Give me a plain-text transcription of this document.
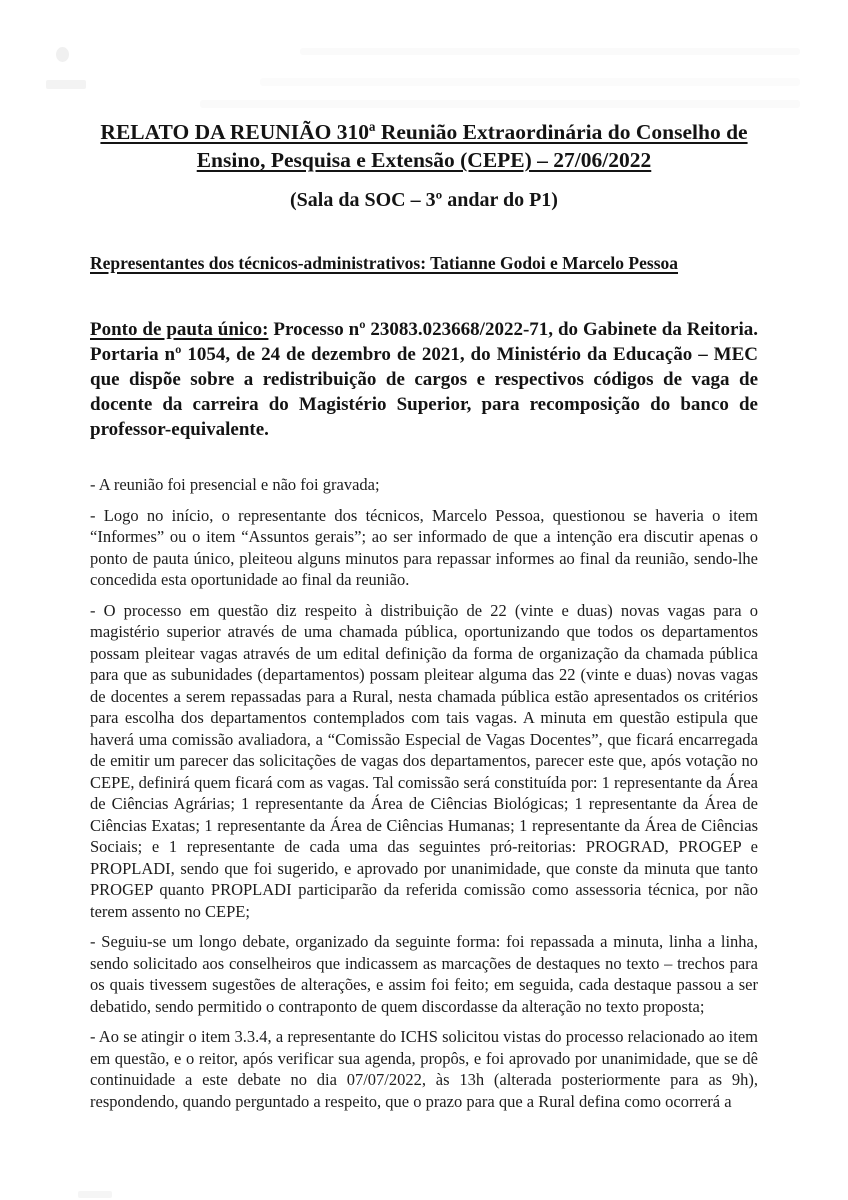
RELATO DA REUNIÃO 310ª Reunião Extraordinária do Conselho de
Ensino, Pesquisa e Extensão (CEPE) – 27/06/2022

(Sala da SOC – 3º andar do P1)

Representantes dos técnicos-administrativos: Tatianne Godoi e Marcelo Pessoa

Ponto de pauta único: Processo nº 23083.023668/2022-71, do Gabinete da Reitoria. Portaria nº 1054, de 24 de dezembro de 2021, do Ministério da Educação – MEC que dispõe sobre a redistribuição de cargos e respectivos códigos de vaga de docente da carreira do Magistério Superior, para recomposição do banco de professor-equivalente.

- A reunião foi presencial e não foi gravada;

- Logo no início, o representante dos técnicos, Marcelo Pessoa, questionou se haveria o item “Informes” ou o item “Assuntos gerais”; ao ser informado de que a intenção era discutir apenas o ponto de pauta único, pleiteou alguns minutos para repassar informes ao final da reunião, sendo-lhe concedida esta oportunidade ao final da reunião.

- O processo em questão diz respeito à distribuição de 22 (vinte e duas) novas vagas para o magistério superior através de uma chamada pública, oportunizando que todos os departamentos possam pleitear vagas através de um edital definição da forma de organização da chamada pública para que as subunidades (departamentos) possam pleitear alguma das 22 (vinte e duas) novas vagas de docentes a serem repassadas para a Rural, nesta chamada pública estão apresentados os critérios para escolha dos departamentos contemplados com tais vagas. A minuta em questão estipula que haverá uma comissão avaliadora, a “Comissão Especial de Vagas Docentes”, que ficará encarregada de emitir um parecer das solicitações de vagas dos departamentos, parecer este que, após votação no CEPE, definirá quem ficará com as vagas. Tal comissão será constituída por: 1 representante da Área de Ciências Agrárias; 1 representante da Área de Ciências Biológicas; 1 representante da Área de Ciências Exatas; 1 representante da Área de Ciências Humanas; 1 representante da Área de Ciências Sociais; e 1 representante de cada uma das seguintes pró-reitorias: PROGRAD, PROGEP e PROPLADI, sendo que foi sugerido, e aprovado por unanimidade, que conste da minuta que tanto PROGEP quanto PROPLADI participarão da referida comissão como assessoria técnica, por não terem assento no CEPE;

- Seguiu-se um longo debate, organizado da seguinte forma: foi repassada a minuta, linha a linha, sendo solicitado aos conselheiros que indicassem as marcações de destaques no texto – trechos para os quais tivessem sugestões de alterações, e assim foi feito; em seguida, cada destaque passou a ser debatido, sendo permitido o contraponto de quem discordasse da alteração no texto proposta;

- Ao se atingir o item 3.3.4, a representante do ICHS solicitou vistas do processo relacionado ao item em questão, e o reitor, após verificar sua agenda, propôs, e foi aprovado por unanimidade, que se dê continuidade a este debate no dia 07/07/2022, às 13h (alterada posteriormente para as 9h), respondendo, quando perguntado a respeito, que o prazo para que a Rural defina como ocorrerá a
